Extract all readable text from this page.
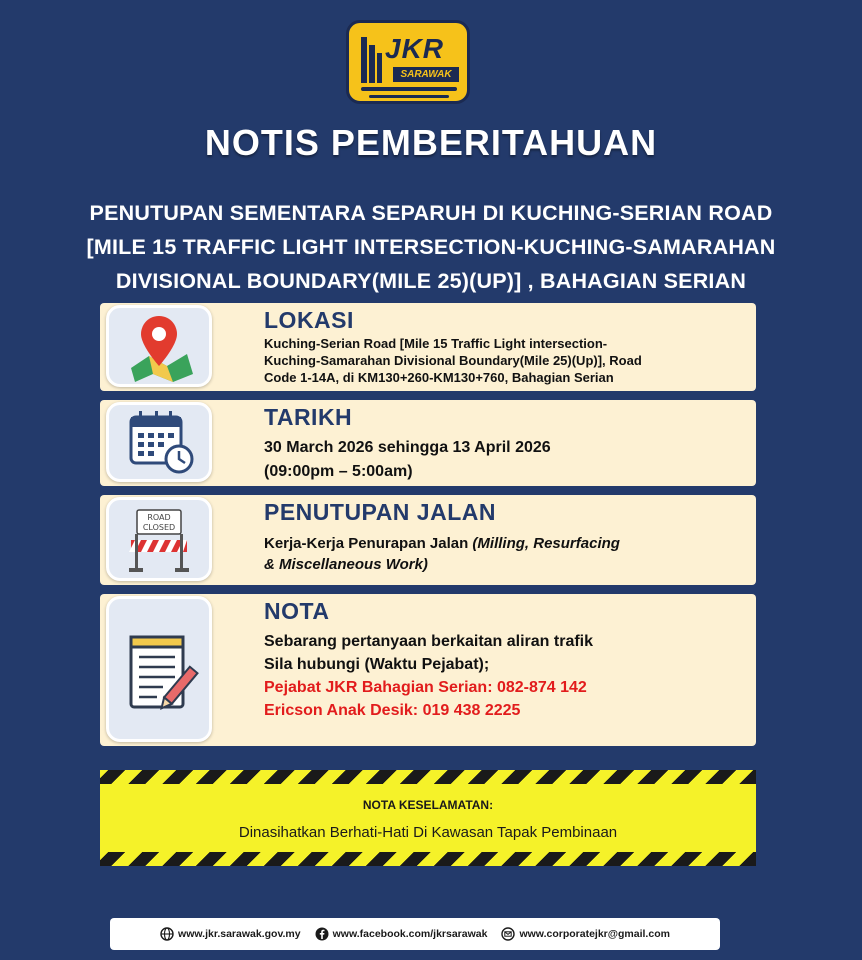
JKR
SARAWAK
NOTIS PEMBERITAHUAN
PENUTUPAN SEMENTARA SEPARUH DI KUCHING-SERIAN ROAD
[MILE 15 TRAFFIC LIGHT INTERSECTION-KUCHING-SAMARAHAN
DIVISIONAL BOUNDARY(MILE 25)(UP)] , BAHAGIAN SERIAN
LOKASI
Kuching-Serian Road [Mile 15 Traffic Light intersection-
Kuching-Samarahan Divisional Boundary(Mile 25)(Up)], Road
Code 1-14A, di KM130+260-KM130+760, Bahagian Serian
TARIKH
30 March 2026 sehingga 13 April 2026
(09:00pm – 5:00am)
ROAD
CLOSED
PENUTUPAN JALAN
Kerja-Kerja Penurapan Jalan (Milling, Resurfacing
& Miscellaneous Work)
NOTA
Sebarang pertanyaan berkaitan aliran trafik
Sila hubungi (Waktu Pejabat);
Pejabat JKR Bahagian Serian: 082-874 142
Ericson Anak Desik: 019 438 2225
NOTA KESELAMATAN:
Dinasihatkan Berhati-Hati Di Kawasan Tapak Pembinaan
www.jkr.sarawak.gov.my	www.facebook.com/jkrsarawak	www.corporatejkr@gmail.com
